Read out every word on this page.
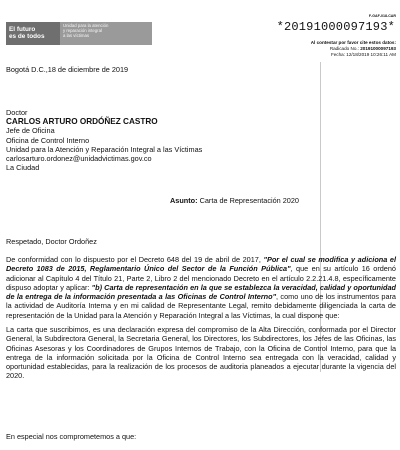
El futuro
es de todos
Unidad para la atención
y reparación integral
a las víctimas
F-GAF-018-CAR
*20191000097193*
Al contestar por favor cite estos datos:
Radicado No.: 20191000097193
Fecha: 12/18/2019 10:26:11 AM
Bogotá D.C.,18 de diciembre de 2019
Doctor
CARLOS ARTURO ORDÓÑEZ CASTRO
Jefe de Oficina
Oficina de Control Interno
Unidad para la Atención y Reparación Integral a las Víctimas
carlosarturo.ordonez@unidadvictimas.gov.co
La Ciudad
Asunto: Carta de Representación 2020
Respetado, Doctor Ordoñez
De conformidad con lo dispuesto por el Decreto 648 del 19 de abril de 2017, "Por el cual se modifica y adiciona el Decreto 1083 de 2015, Reglamentario Único del Sector de la Función Pública", que en su artículo 16 ordenó adicionar al Capítulo 4 del Título 21, Parte 2, Libro 2 del mencionado Decreto en el artículo 2.2.21.4.8, específicamente dispuso adoptar y aplicar: "b) Carta de representación en la que se establezca la veracidad, calidad y oportunidad de la entrega de la información presentada a las Oficinas de Control Interno", como uno de los instrumentos para la actividad de Auditoría Interna y en mi calidad de Representante Legal, remito debidamente diligenciada la carta de representación de la Unidad para la Atención y Reparación Integral a las Víctimas, la cual dispone que:
La carta que suscribimos, es una declaración expresa del compromiso de la Alta Dirección, conformada por el Director General, la Subdirectora General, la Secretaria General, los Directores, los Subdirectores, los Jefes de las Oficinas, las Oficinas Asesoras y los Coordinadores de Grupos Internos de Trabajo, con la Oficina de Control Interno, para que la entrega de la información solicitada por la Oficina de Control Interno sea entregada con la veracidad, calidad y oportunidad establecidas, para la realización de los procesos de auditoria planeados a ejecutar durante la vigencia del 2020.
En especial nos comprometemos a que:
